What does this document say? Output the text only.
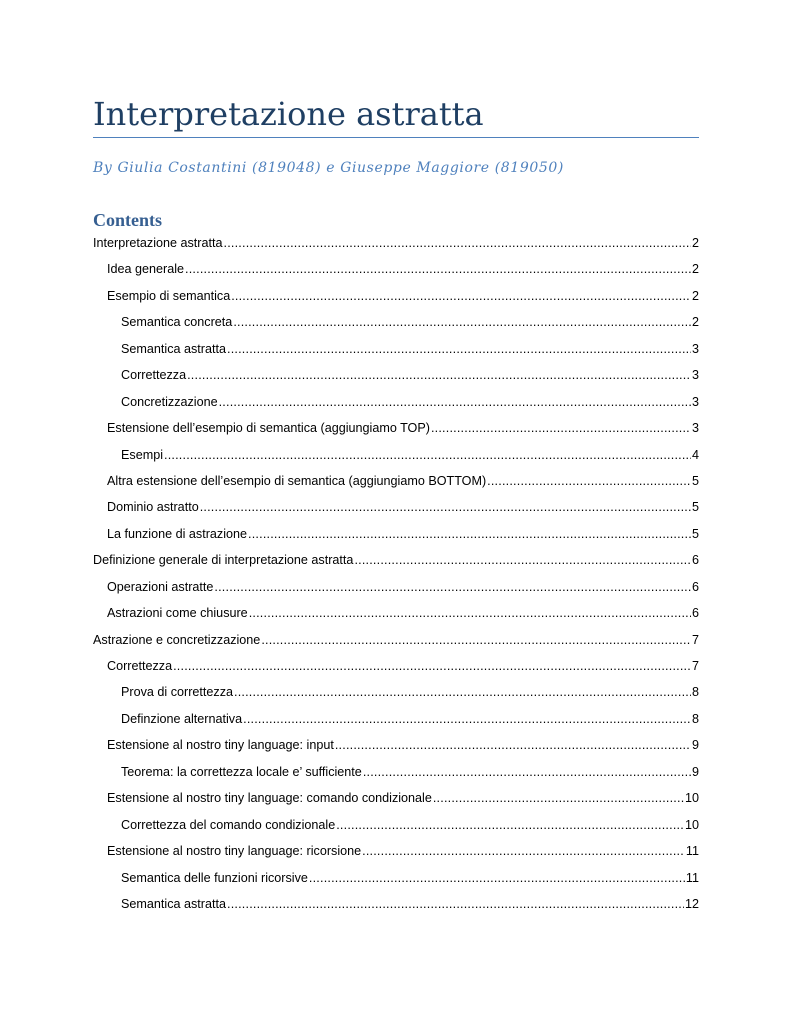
Interpretazione astratta
By Giulia Costantini (819048) e Giuseppe Maggiore (819050)
Contents
Interpretazione astratta .....	2
Idea generale .....	2
Esempio di semantica .....	2
Semantica concreta .....	2
Semantica astratta .....	3
Correttezza .....	3
Concretizzazione .....	3
Estensione dell’esempio di semantica (aggiungiamo TOP) .....	3
Esempi .....	4
Altra estensione dell’esempio di semantica (aggiungiamo BOTTOM) .....	5
Dominio astratto .....	5
La funzione di astrazione .....	5
Definizione generale di interpretazione astratta .....	6
Operazioni astratte .....	6
Astrazioni come chiusure .....	6
Astrazione e concretizzazione .....	7
Correttezza .....	7
Prova di correttezza .....	8
Definzione alternativa .....	8
Estensione al nostro tiny language: input .....	9
Teorema: la correttezza locale e’ sufficiente .....	9
Estensione al nostro tiny language: comando condizionale .....	10
Correttezza del comando condizionale .....	10
Estensione al nostro tiny language: ricorsione .....	11
Semantica delle funzioni ricorsive .....	11
Semantica astratta .....	12
